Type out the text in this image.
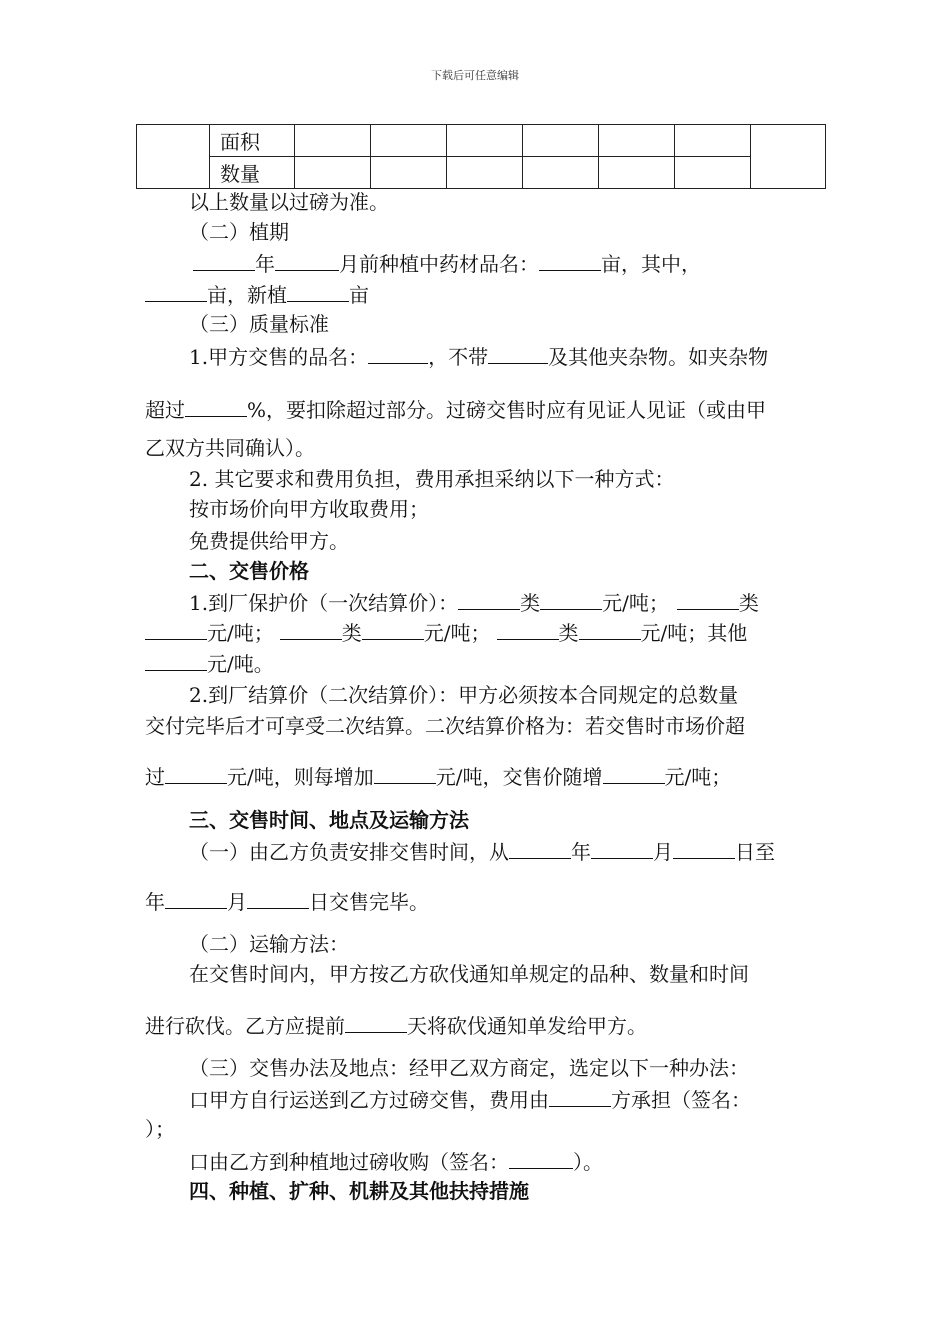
下载后可任意编辑
	面积							
	数量							
以上数量以过磅为准。
（二）植期
年	月前种植中药材品名：	亩，其中，
亩，新植	亩
（三）质量标准
1.甲方交售的品名：	，不带	及其他夹杂物。如夹杂物
超过	%，要扣除超过部分。过磅交售时应有见证人见证（或由甲
乙双方共同确认）。
2. 其它要求和费用负担，费用承担采纳以下一种方式：
按市场价向甲方收取费用；
免费提供给甲方。
二、交售价格
1.到厂保护价（一次结算价）：	类	元/吨；	类
元/吨；	类	元/吨；	类	元/吨；其他
元/吨。
2.到厂结算价（二次结算价）：甲方必须按本合同规定的总数量
交付完毕后才可享受二次结算。二次结算价格为：若交售时市场价超
过	元/吨，则每增加	元/吨，交售价随增	元/吨；
三、交售时间、地点及运输方法
（一）由乙方负责安排交售时间，从	年	月	日至
年	月	日交售完毕。
（二）运输方法：
在交售时间内，甲方按乙方砍伐通知单规定的品种、数量和时间
进行砍伐。乙方应提前	天将砍伐通知单发给甲方。
（三）交售办法及地点：经甲乙双方商定，选定以下一种办法：
口甲方自行运送到乙方过磅交售，费用由	方承担（签名：
）；
口由乙方到种植地过磅收购（签名：	）。
四、种植、扩种、机耕及其他扶持措施
